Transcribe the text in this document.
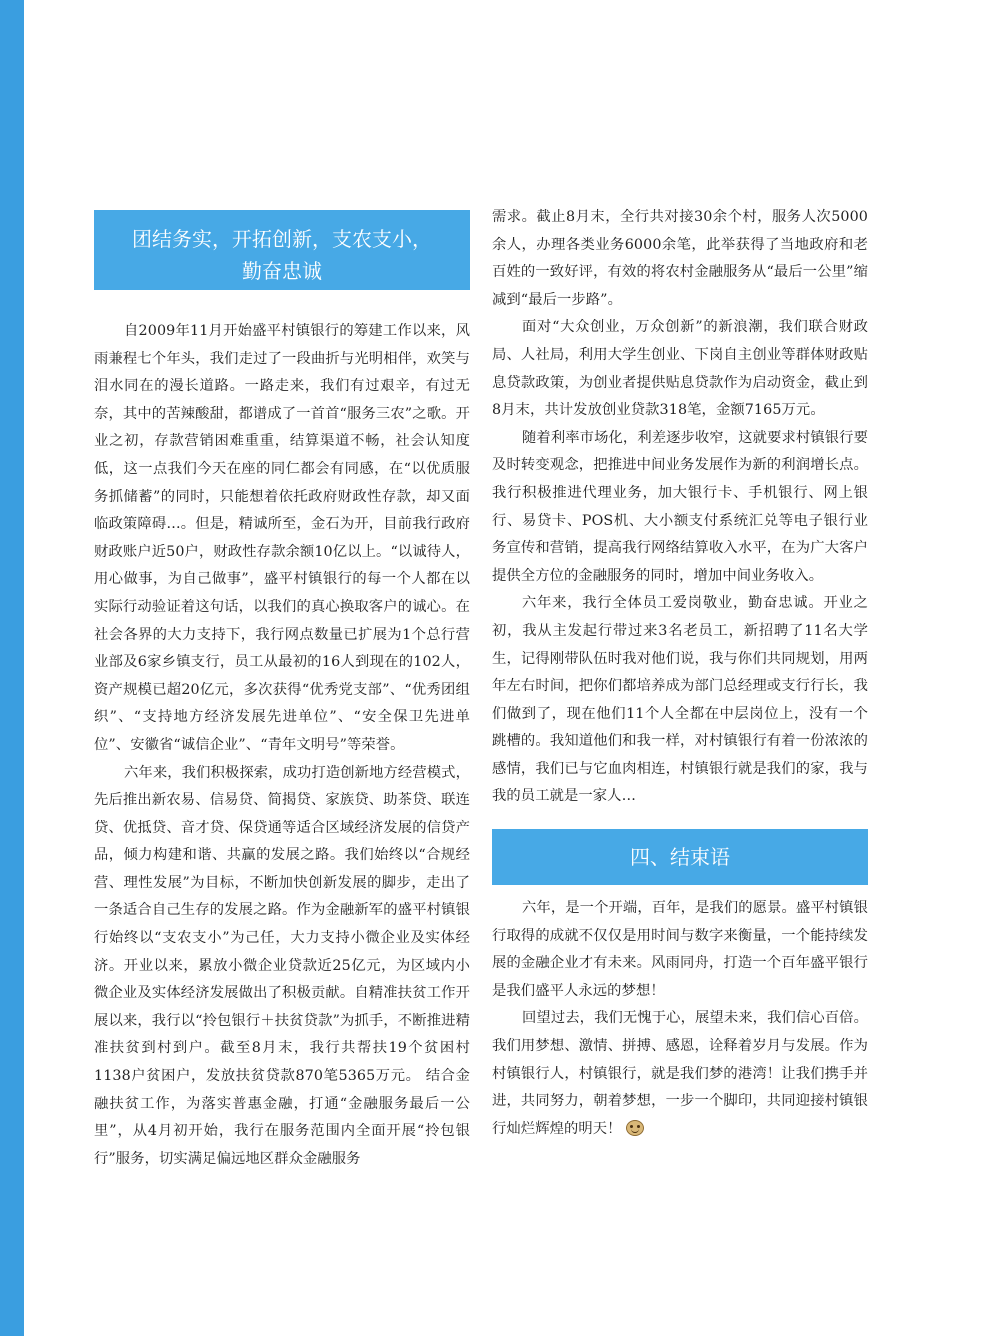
团结务实，开拓创新，支农支小，
勤奋忠诚

自2009年11月开始盛平村镇银行的筹建工作以来，风雨兼程七个年头，我们走过了一段曲折与光明相伴，欢笑与泪水同在的漫长道路。一路走来，我们有过艰辛，有过无奈，其中的苦辣酸甜，都谱成了一首首“服务三农”之歌。开业之初，存款营销困难重重，结算渠道不畅，社会认知度低，这一点我们今天在座的同仁都会有同感，在“以优质服务抓储蓄”的同时，只能想着依托政府财政性存款，却又面临政策障碍…。但是，精诚所至，金石为开，目前我行政府财政账户近50户，财政性存款余额10亿以上。“以诚待人，用心做事，为自己做事”，盛平村镇银行的每一个人都在以实际行动验证着这句话，以我们的真心换取客户的诚心。在社会各界的大力支持下，我行网点数量已扩展为1个总行营业部及6家乡镇支行，员工从最初的16人到现在的102人，资产规模已超20亿元，多次获得“优秀党支部”、“优秀团组织”、“支持地方经济发展先进单位”、“安全保卫先进单位”、安徽省“诚信企业”、“青年文明号”等荣誉。

六年来，我们积极探索，成功打造创新地方经营模式，先后推出新农易、信易贷、简揭贷、家族贷、助茶贷、联连贷、优抵贷、音才贷、保贷通等适合区域经济发展的信贷产品，倾力构建和谐、共赢的发展之路。我们始终以“合规经营、理性发展”为目标，不断加快创新发展的脚步，走出了一条适合自己生存的发展之路。作为金融新军的盛平村镇银行始终以“支农支小”为己任，大力支持小微企业及实体经济。开业以来，累放小微企业贷款近25亿元，为区域内小微企业及实体经济发展做出了积极贡献。自精准扶贫工作开展以来，我行以“拎包银行＋扶贫贷款”为抓手，不断推进精准扶贫到村到户。截至8月末，我行共帮扶19个贫困村1138户贫困户，发放扶贫贷款870笔5365万元。 结合金融扶贫工作，为落实普惠金融，打通“金融服务最后一公里”，从4月初开始，我行在服务范围内全面开展“拎包银行”服务，切实满足偏远地区群众金融服务

需求。截止8月末，全行共对接30余个村，服务人次5000余人，办理各类业务6000余笔，此举获得了当地政府和老百姓的一致好评，有效的将农村金融服务从“最后一公里”缩减到“最后一步路”。

面对“大众创业，万众创新”的新浪潮，我们联合财政局、人社局，利用大学生创业、下岗自主创业等群体财政贴息贷款政策，为创业者提供贴息贷款作为启动资金，截止到8月末，共计发放创业贷款318笔，金额7165万元。

随着利率市场化，利差逐步收窄，这就要求村镇银行要及时转变观念，把推进中间业务发展作为新的利润增长点。我行积极推进代理业务，加大银行卡、手机银行、网上银行、易贷卡、POS机、大小额支付系统汇兑等电子银行业务宣传和营销，提高我行网络结算收入水平，在为广大客户提供全方位的金融服务的同时，增加中间业务收入。

六年来，我行全体员工爱岗敬业，勤奋忠诚。开业之初，我从主发起行带过来3名老员工，新招聘了11名大学生，记得刚带队伍时我对他们说，我与你们共同规划，用两年左右时间，把你们都培养成为部门总经理或支行行长，我们做到了，现在他们11个人全都在中层岗位上，没有一个跳槽的。我知道他们和我一样，对村镇银行有着一份浓浓的感情，我们已与它血肉相连，村镇银行就是我们的家，我与我的员工就是一家人…

四、结束语

六年，是一个开端，百年，是我们的愿景。盛平村镇银行取得的成就不仅仅是用时间与数字来衡量，一个能持续发展的金融企业才有未来。风雨同舟，打造一个百年盛平银行是我们盛平人永远的梦想！

回望过去，我们无愧于心，展望未来，我们信心百倍。我们用梦想、激情、拼搏、感恩，诠释着岁月与发展。作为村镇银行人，村镇银行，就是我们梦的港湾！让我们携手并进，共同努力，朝着梦想，一步一个脚印，共同迎接村镇银行灿烂辉煌的明天！
